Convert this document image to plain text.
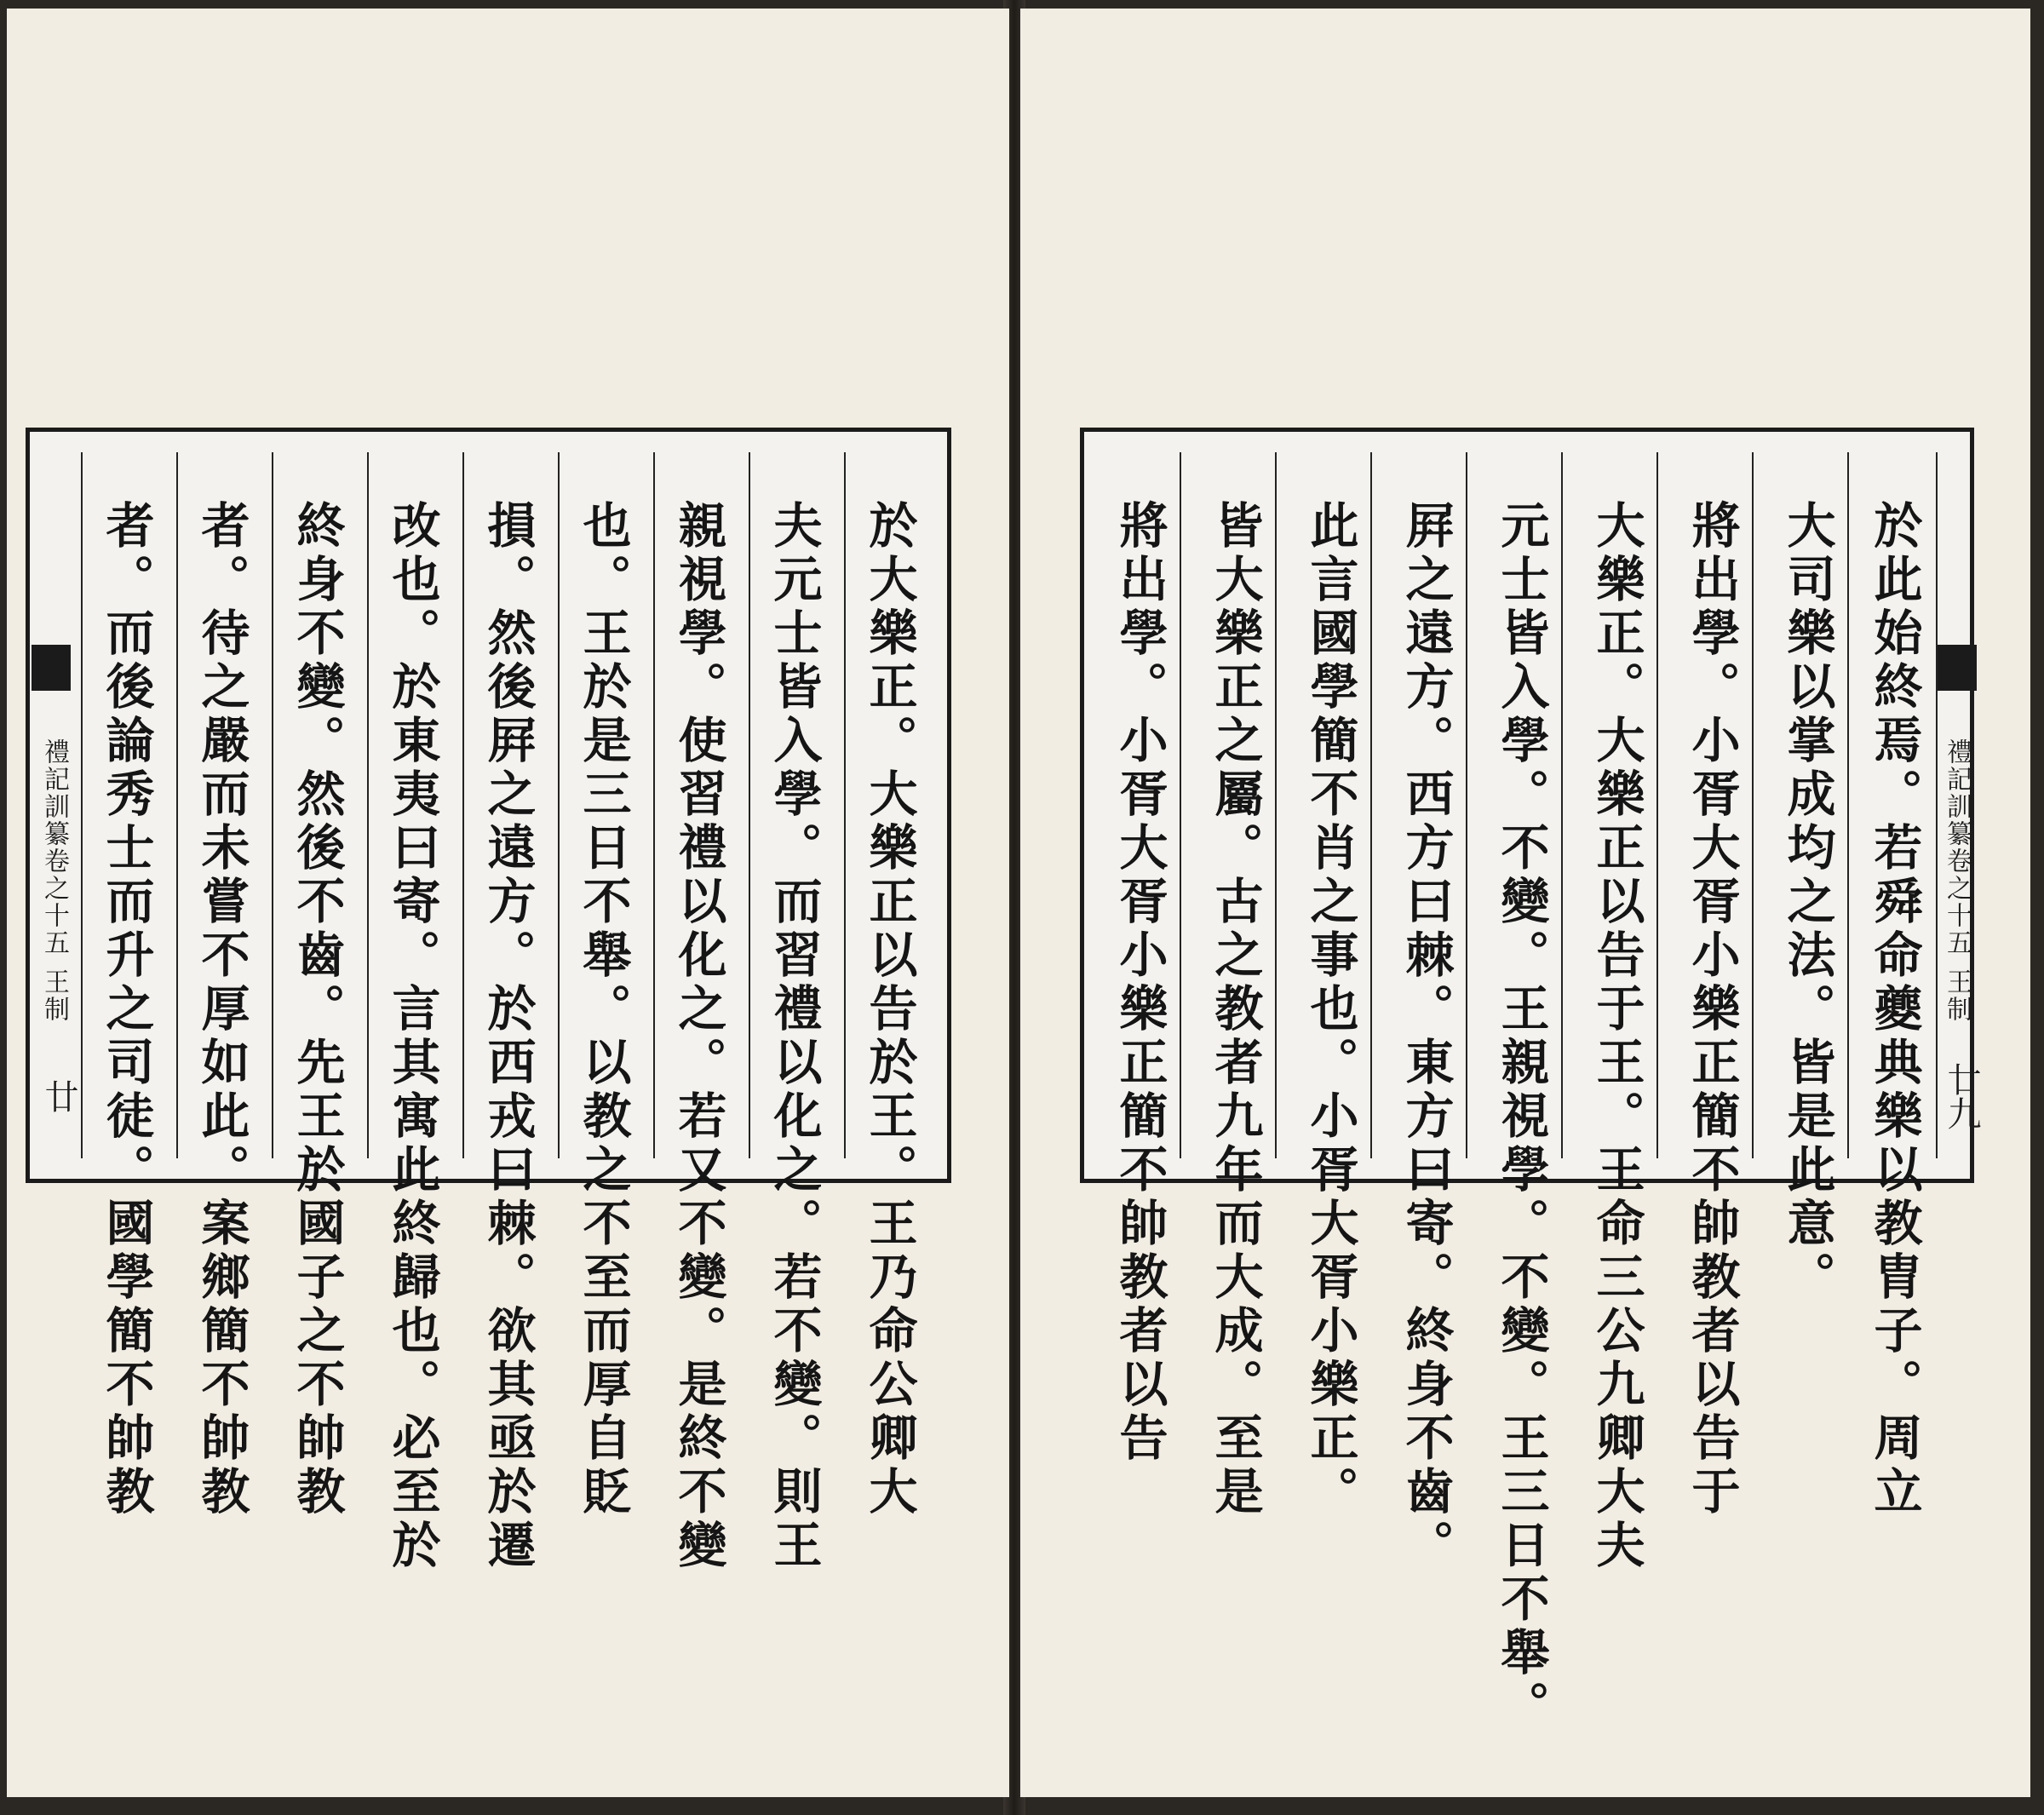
禮記訓纂卷之十五
王制
廿	於大樂正。大樂正以告於王。王乃命公卿大
夫元士皆入學。而習禮以化之。若不變。則王
親視學。使習禮以化之。若又不變。是終不變
也。王於是三日不舉。以教之不至而厚自貶
損。然後屛之遠方。於西戎曰棘。欲其亟於遷
改也。於東夷曰寄。言其寓此終歸也。必至於
終身不變。然後不齒。先王於國子之不帥教
者。待之嚴而未嘗不厚如此。案鄉簡不帥教
者。而後論秀士而升之司徒。國學簡不帥教	於此始終焉。若舜命夔典樂以教胄子。周立
大司樂以掌成均之法。皆是此意。
將出學。小胥大胥小樂正簡不帥教者以告于
大樂正。大樂正以告于王。王命三公九卿大夫
元士皆入學。不變。王親視學。不變。王三日不舉。
屛之遠方。西方曰棘。東方曰寄。終身不齒。
此言國學簡不肖之事也。小胥大胥小樂正。
皆大樂正之屬。古之教者九年而大成。至是
將出學。小胥大胥小樂正簡不帥教者以告	禮記訓纂卷之十五
王制
廿九
